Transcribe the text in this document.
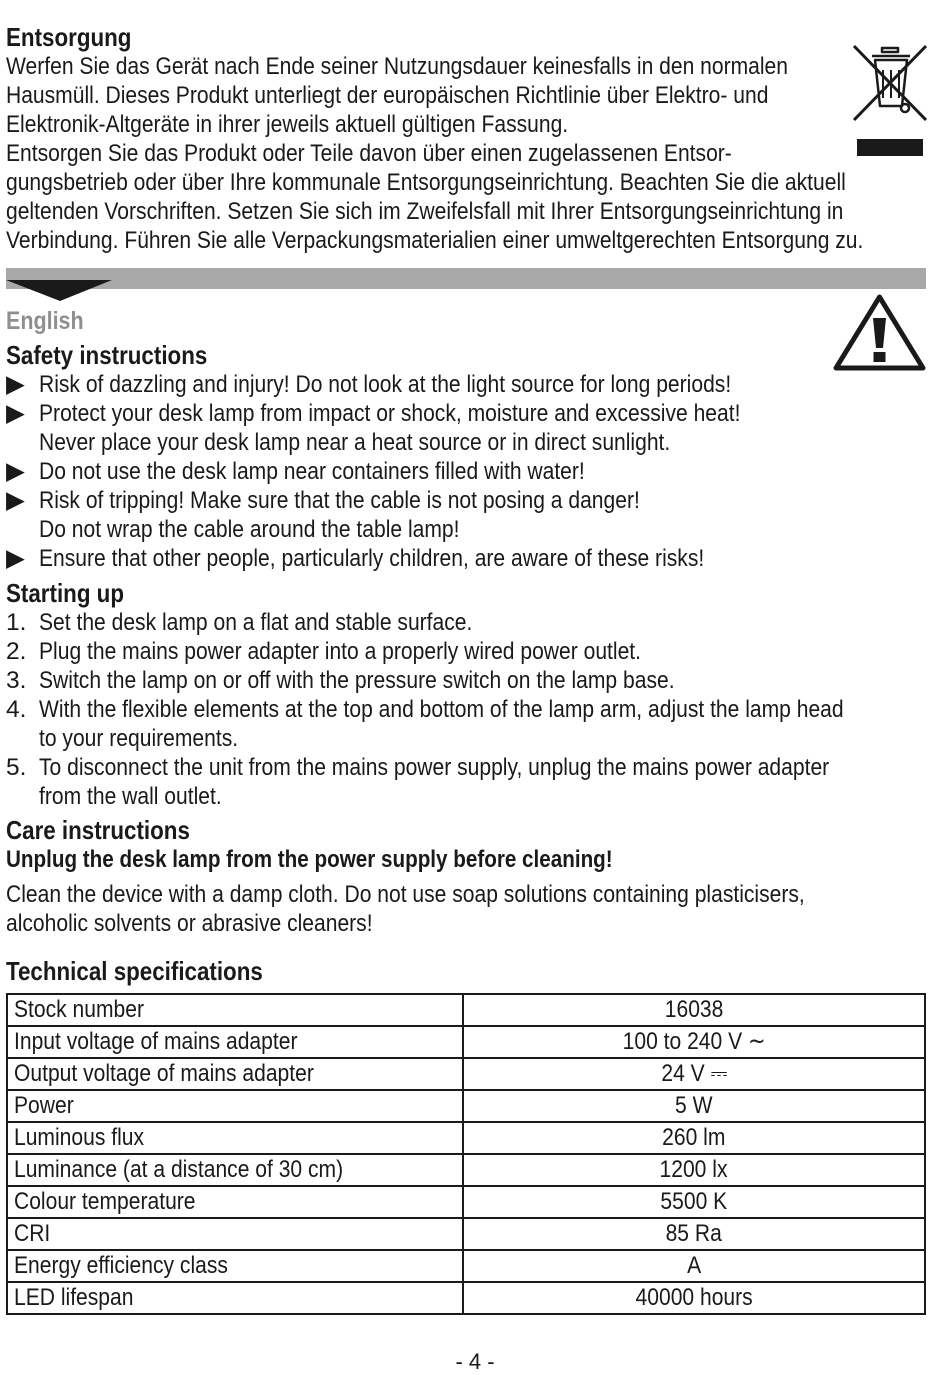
Entsorgung
Werfen Sie das Gerät nach Ende seiner Nutzungsdauer keinesfalls in den normalen
Hausmüll. Dieses Produkt unterliegt der europäischen Richtlinie über Elektro- und
Elektronik-Altgeräte in ihrer jeweils aktuell gültigen Fassung.
Entsorgen Sie das Produkt oder Teile davon über einen zugelassenen Entsor-
gungsbetrieb oder über Ihre kommunale Entsorgungseinrichtung. Beachten Sie die aktuell
geltenden Vorschriften. Setzen Sie sich im Zweifelsfall mit Ihrer Entsorgungseinrichtung in
Verbindung. Führen Sie alle Verpackungsmaterialien einer umweltgerechten Entsorgung zu.
English
Safety instructions
▶ Risk of dazzling and injury! Do not look at the light source for long periods!
▶ Protect your desk lamp from impact or shock, moisture and excessive heat!
Never place your desk lamp near a heat source or in direct sunlight.
▶ Do not use the desk lamp near containers filled with water!
▶ Risk of tripping! Make sure that the cable is not posing a danger!
Do not wrap the cable around the table lamp!
▶ Ensure that other people, particularly children, are aware of these risks!
Starting up
1. Set the desk lamp on a flat and stable surface.
2. Plug the mains power adapter into a properly wired power outlet.
3. Switch the lamp on or off with the pressure switch on the lamp base.
4. With the flexible elements at the top and bottom of the lamp arm, adjust the lamp head
to your requirements.
5. To disconnect the unit from the mains power supply, unplug the mains power adapter
from the wall outlet.
Care instructions
Unplug the desk lamp from the power supply before cleaning!
Clean the device with a damp cloth. Do not use soap solutions containing plasticisers,
alcoholic solvents or abrasive cleaners!
Technical specifications
Stock number	16038

Input voltage of mains adapter	100 to 240 V ∼

Output voltage of mains adapter	24 V ⎓

Power	5 W

Luminous flux	260 lm

Luminance (at a distance of 30 cm)	1200 lx

Colour temperature	5500 K

CRI	85 Ra

Energy efficiency class	A

LED lifespan	40000 hours
- 4 -
